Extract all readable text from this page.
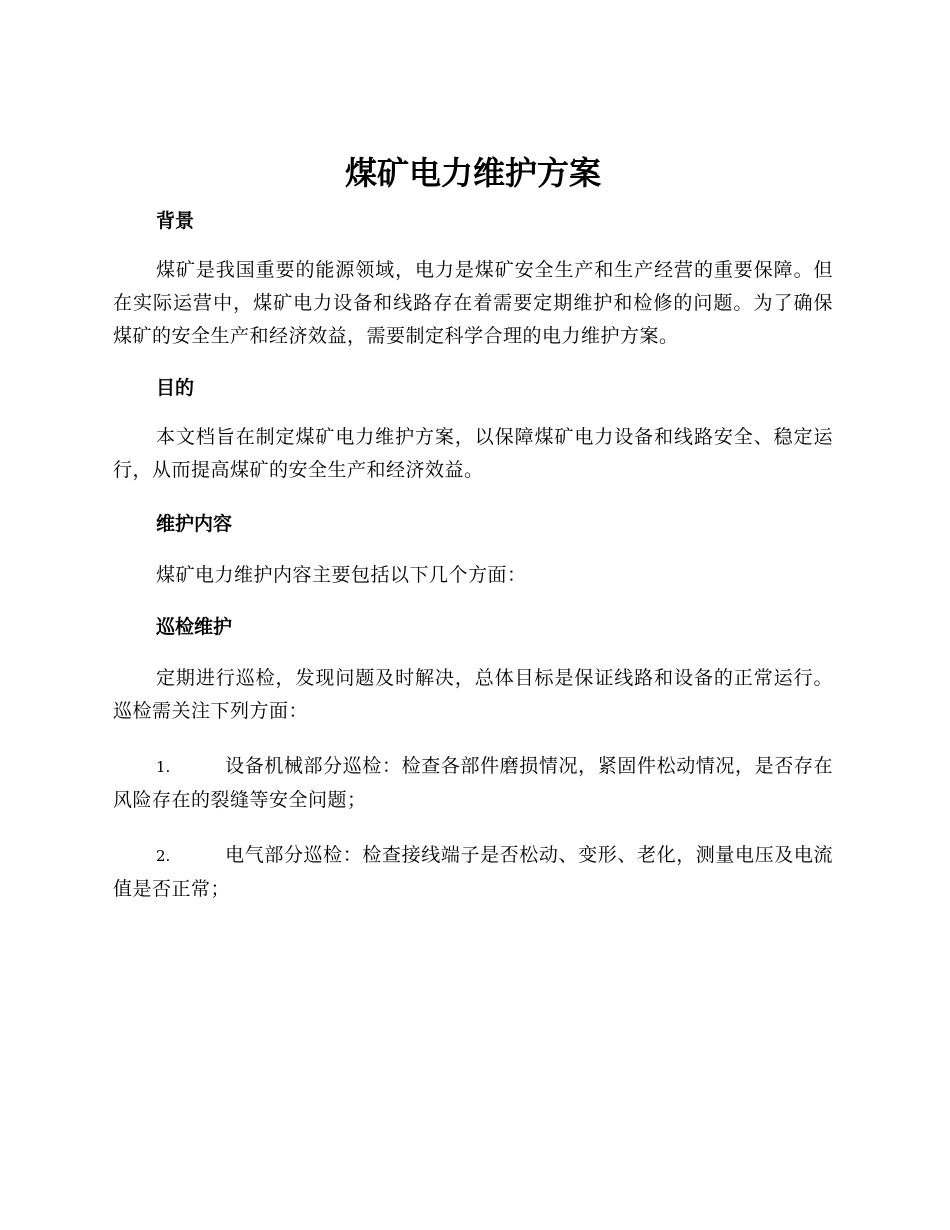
煤矿电力维护方案
背景

煤矿是我国重要的能源领域，电力是煤矿安全生产和生产经营的重要保障。但在实际运营中，煤矿电力设备和线路存在着需要定期维护和检修的问题。为了确保煤矿的安全生产和经济效益，需要制定科学合理的电力维护方案。

目的

本文档旨在制定煤矿电力维护方案，以保障煤矿电力设备和线路安全、稳定运行，从而提高煤矿的安全生产和经济效益。

维护内容

煤矿电力维护内容主要包括以下几个方面：

巡检维护

定期进行巡检，发现问题及时解决，总体目标是保证线路和设备的正常运行。巡检需关注下列方面：

1.	设备机械部分巡检：检查各部件磨损情况，紧固件松动情况，是否存在风险存在的裂缝等安全问题；

2.	电气部分巡检：检查接线端子是否松动、变形、老化，测量电压及电流值是否正常；
